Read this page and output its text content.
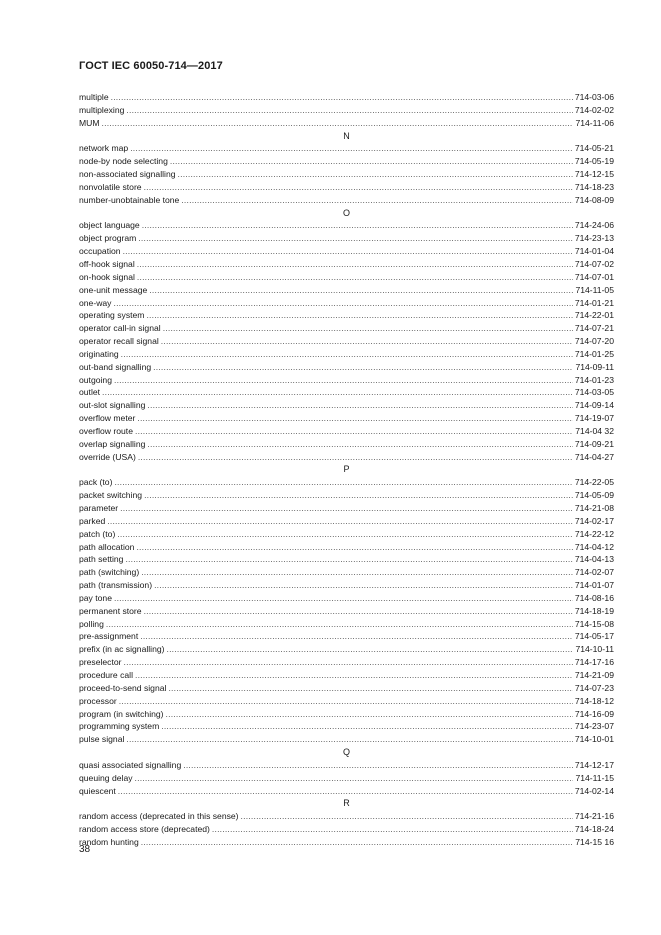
ГОСТ IEC 60050-714—2017
multiple .....	714-03-06
multiplexing .....	714-02-02
MUM .....	714-11-06
N
network map .....	714-05-21
node-by node selecting .....	714-05-19
non-associated signalling .....	714-12-15
nonvolatile store .....	714-18-23
number-unobtainable tone .....	714-08-09
O
object language .....	714-24-06
object program .....	714-23-13
occupation .....	714-01-04
off-hook signal .....	714-07-02
on-hook signal .....	714-07-01
one-unit message .....	714-11-05
one-way .....	714-01-21
operating system .....	714-22-01
operator call-in signal .....	714-07-21
operator recall signal .....	714-07-20
originating .....	714-01-25
out-band signalling .....	714-09-11
outgoing .....	714-01-23
outlet .....	714-03-05
out-slot signalling .....	714-09-14
overflow meter .....	714-19-07
overflow route .....	714-04 32
overlap signalling .....	714-09-21
override (USA) .....	714-04-27
P
pack (to) .....	714-22-05
packet switching .....	714-05-09
parameter .....	714-21-08
parked .....	714-02-17
patch (to) .....	714-22-12
path allocation .....	714-04-12
path setting .....	714-04-13
path (switching) .....	714-02-07
path (transmission) .....	714-01-07
pay tone .....	714-08-16
permanent store .....	714-18-19
polling .....	714-15-08
pre-assignment .....	714-05-17
prefix (in ac signalling) .....	714-10-11
preselector .....	714-17-16
procedure call .....	714-21-09
proceed-to-send signal .....	714-07-23
processor .....	714-18-12
program (in switching) .....	714-16-09
programming system .....	714-23-07
pulse signal .....	714-10-01
Q
quasi associated signalling .....	714-12-17
queuing delay .....	714-11-15
quiescent .....	714-02-14
R
random access (deprecated in this sense) .....	714-21-16
random access store (deprecated) .....	714-18-24
random hunting .....	714-15 16
38
